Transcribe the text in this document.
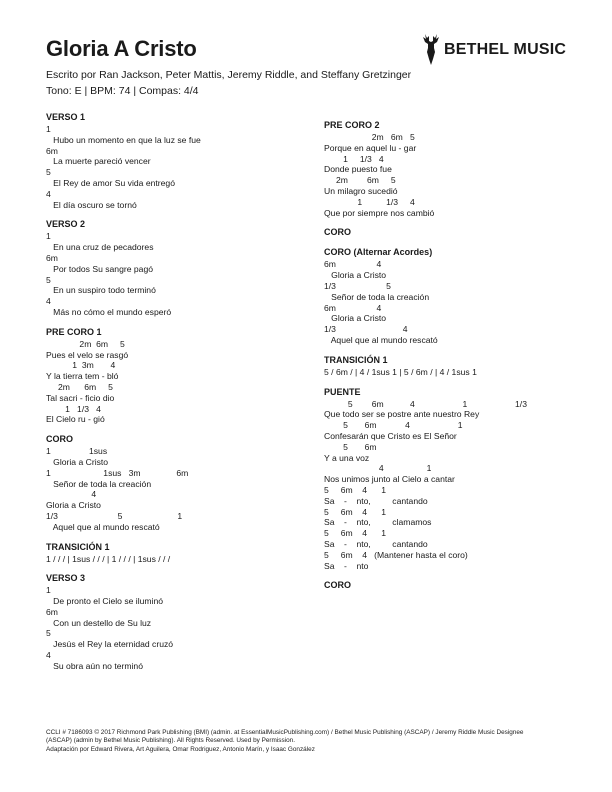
Gloria A Cristo
Escrito por Ran Jackson, Peter Mattis, Jeremy Riddle, and Steffany Gretzinger
Tono: E | BPM: 74 | Compas: 4/4
BETHEL MUSIC
VERSO 1
1
Hubo un momento en que la luz se fue
6m
La muerte pareció vencer
5
El Rey de amor Su vida entregó
4
El día oscuro se tornó
VERSO 2
1
En una cruz de pecadores
6m
Por todos Su sangre pagó
5
En un suspiro todo terminó
4
Más no cómo el mundo esperó
PRE CORO 1
2m  6m     5
Pues el velo se rasgó
1  3m       4
Y la tierra tem - bló
2m      6m     5
Tal sacri - ficio dio
1   1/3   4
El Cielo ru - gió
CORO
1                1sus
Gloria a Cristo
1                      1sus   3m               6m
Señor de toda la creación
4
Gloria a Cristo
1/3                         5                       1
Aquel que al mundo rescató
TRANSICIÓN 1
1 / / / | 1sus / / / | 1 / / / | 1sus / / /
VERSO 3
1
De pronto el Cielo se iluminó
6m
Con un destello de Su luz
5
Jesús el Rey la eternidad cruzó
4
Su obra aún no terminó
PRE CORO 2
2m   6m   5
Porque en aquel lu - gar
1     1/3   4
Donde puesto fue
2m        6m     5
Un milagro sucedió
1          1/3     4
Que por siempre nos cambió
CORO
CORO (Alternar Acordes)
6m                 4
Gloria a Cristo
1/3                     5
Señor de toda la creación
6m                 4
Gloria a Cristo
1/3                            4
Aquel que al mundo rescató
TRANSICIÓN 1
5 / 6m / | 4 / 1sus 1 | 5 / 6m / | 4 / 1sus 1
PUENTE
5        6m           4                    1                    1/3
Que todo ser se postre ante nuestro Rey
5       6m            4                    1
Confesarán que Cristo es El Señor
5       6m
Y a una voz
4                  1
Nos unimos junto al Cielo a cantar
5     6m    4      1
Sa    -    nto,         cantando
5     6m    4      1
Sa    -    nto,         clamamos
5     6m    4      1
Sa    -    nto,         cantando
5     6m    4   (Mantener hasta el coro)
Sa    -    nto
CORO
CCLI # 7186093 © 2017 Richmond Park Publishing (BMI) (admin. at EssentialMusicPublishing.com) / Bethel Music Publishing (ASCAP) / Jeremy Riddle Music Designee
(ASCAP) (admin by Bethel Music Publishing). All Rights Reserved. Used by Permission.
Adaptación por Edward Rivera, Art Aguilera, Omar Rodriguez, Antonio Marín, y Isaac González
